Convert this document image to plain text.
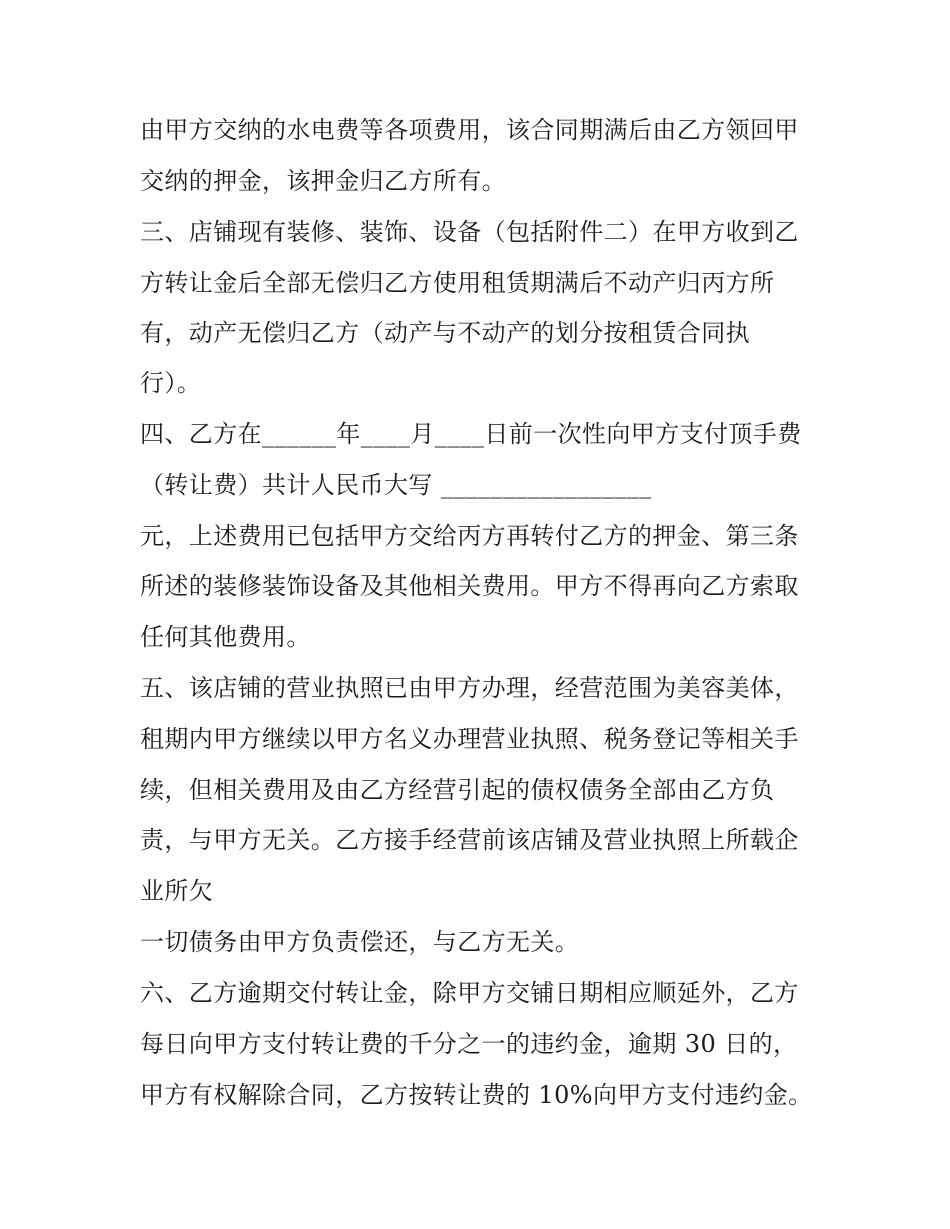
由甲方交纳的水电费等各项费用，该合同期满后由乙方领回甲
交纳的押金，该押金归乙方所有。
三、店铺现有装修、装饰、设备（包括附件二）在甲方收到乙
方转让金后全部无偿归乙方使用租赁期满后不动产归丙方所
有，动产无偿归乙方（动产与不动产的划分按租赁合同执
行）。
四、乙方在______年____月____日前一次性向甲方支付顶手费
（转让费）共计人民币大写 _________________
元，上述费用已包括甲方交给丙方再转付乙方的押金、第三条
所述的装修装饰设备及其他相关费用。甲方不得再向乙方索取
任何其他费用。
五、该店铺的营业执照已由甲方办理，经营范围为美容美体，
租期内甲方继续以甲方名义办理营业执照、税务登记等相关手
续，但相关费用及由乙方经营引起的债权债务全部由乙方负
责，与甲方无关。乙方接手经营前该店铺及营业执照上所载企
业所欠
一切债务由甲方负责偿还，与乙方无关。
六、乙方逾期交付转让金，除甲方交铺日期相应顺延外，乙方
每日向甲方支付转让费的千分之一的违约金，逾期 30 日的，
甲方有权解除合同，乙方按转让费的 10%向甲方支付违约金。
